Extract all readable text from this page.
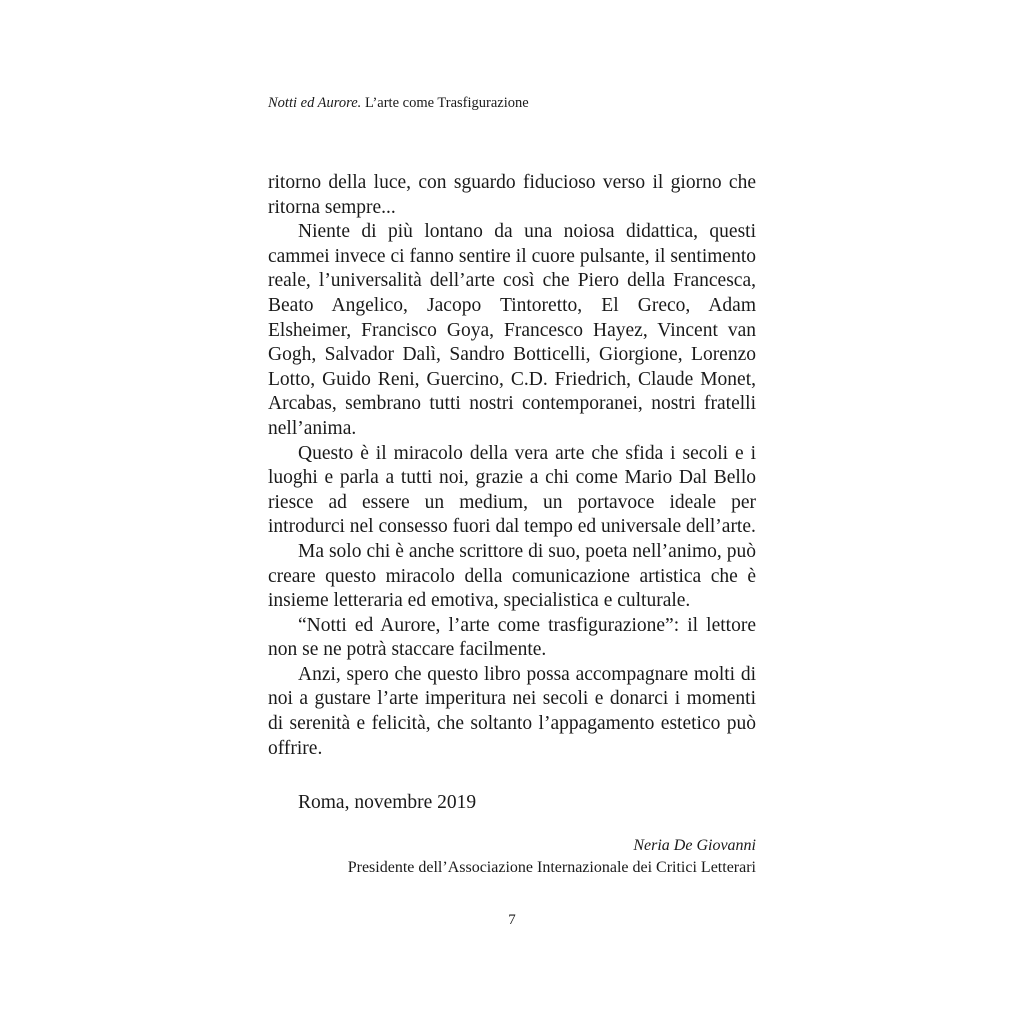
Notti ed Aurore. L’arte come Trasfigurazione

ritorno della luce, con sguardo fiducioso verso il giorno che ritorna sempre...

Niente di più lontano da una noiosa didattica, questi cammei invece ci fanno sentire il cuore pulsante, il sentimento reale, l’universalità dell’arte così che Piero della Francesca, Beato Angelico, Jacopo Tintoretto, El Greco, Adam Elsheimer, Francisco Goya, Francesco Hayez, Vincent van Gogh, Salvador Dalì, Sandro Botticelli, Giorgione, Lorenzo Lotto, Guido Reni, Guercino, C.D. Friedrich, Claude Monet, Arcabas, sembrano tutti nostri contemporanei, nostri fratelli nell’anima.

Questo è il miracolo della vera arte che sfida i secoli e i luoghi e parla a tutti noi, grazie a chi come Mario Dal Bello riesce ad essere un medium, un portavoce ideale per introdurci nel consesso fuori dal tempo ed universale dell’arte.

Ma solo chi è anche scrittore di suo, poeta nell’animo, può creare questo miracolo della comunicazione artistica che è insieme letteraria ed emotiva, specialistica e culturale.

“Notti ed Aurore, l’arte come trasfigurazione”: il lettore non se ne potrà staccare facilmente.

Anzi, spero che questo libro possa accompagnare molti di noi a gustare l’arte imperitura nei secoli e donarci i momenti di serenità e felicità, che soltanto l’appagamento estetico può offrire.

Roma, novembre 2019
Neria De Giovanni
Presidente dell’Associazione Internazionale dei Critici Letterari
7
